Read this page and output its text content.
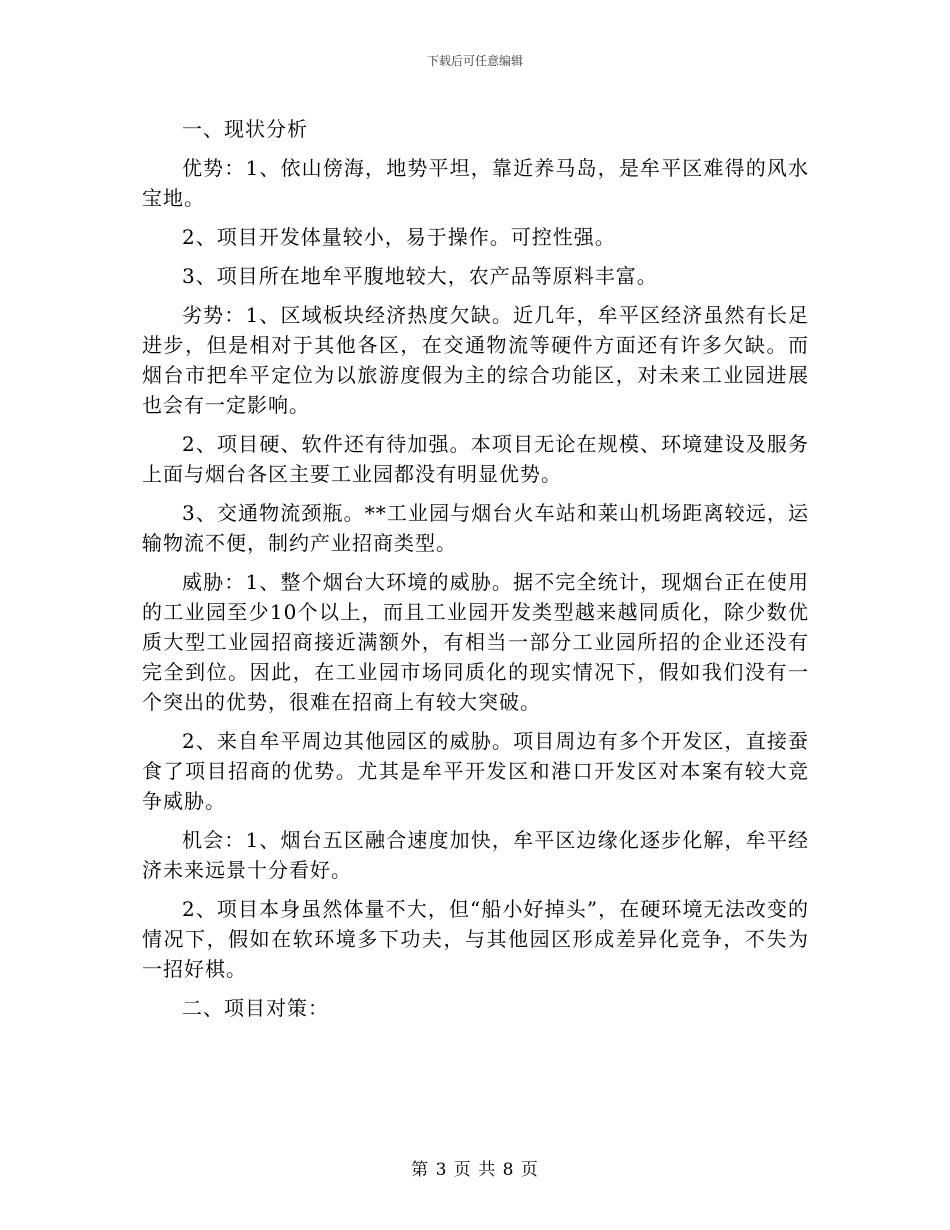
下载后可任意编辑

一、现状分析

优势：1、依山傍海，地势平坦，靠近养马岛，是牟平区难得的风水宝地。

2、项目开发体量较小，易于操作。可控性强。

3、项目所在地牟平腹地较大，农产品等原料丰富。

劣势：1、区域板块经济热度欠缺。近几年，牟平区经济虽然有长足进步，但是相对于其他各区，在交通物流等硬件方面还有许多欠缺。而烟台市把牟平定位为以旅游度假为主的综合功能区，对未来工业园进展也会有一定影响。

2、项目硬、软件还有待加强。本项目无论在规模、环境建设及服务上面与烟台各区主要工业园都没有明显优势。

3、交通物流颈瓶。**工业园与烟台火车站和莱山机场距离较远，运输物流不便，制约产业招商类型。

威胁：1、整个烟台大环境的威胁。据不完全统计，现烟台正在使用的工业园至少10个以上，而且工业园开发类型越来越同质化，除少数优质大型工业园招商接近满额外，有相当一部分工业园所招的企业还没有完全到位。因此，在工业园市场同质化的现实情况下，假如我们没有一个突出的优势，很难在招商上有较大突破。

2、来自牟平周边其他园区的威胁。项目周边有多个开发区，直接蚕食了项目招商的优势。尤其是牟平开发区和港口开发区对本案有较大竞争威胁。

机会：1、烟台五区融合速度加快，牟平区边缘化逐步化解，牟平经济未来远景十分看好。

2、项目本身虽然体量不大，但“船小好掉头”，在硬环境无法改变的情况下，假如在软环境多下功夫，与其他园区形成差异化竞争，不失为一招好棋。

二、项目对策：

第 3 页 共 8 页
